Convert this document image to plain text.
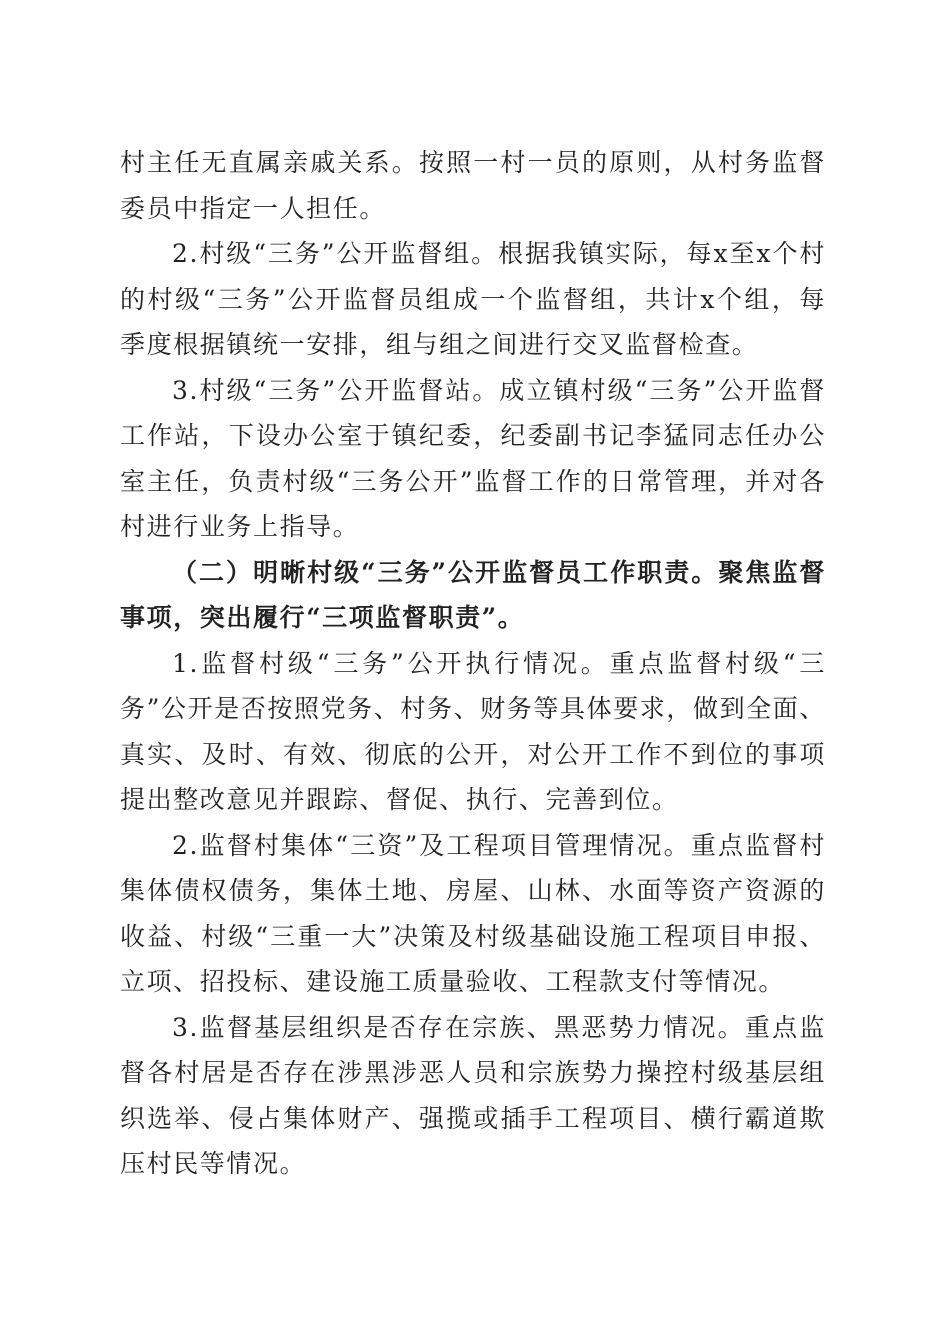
村主任无直属亲戚关系。按照一村一员的原则，从村务监督委员中指定一人担任。

2.村级“三务”公开监督组。根据我镇实际，每x至x个村的村级“三务”公开监督员组成一个监督组，共计x个组，每季度根据镇统一安排，组与组之间进行交叉监督检查。

3.村级“三务”公开监督站。成立镇村级“三务”公开监督工作站，下设办公室于镇纪委，纪委副书记李猛同志任办公室主任，负责村级“三务公开”监督工作的日常管理，并对各村进行业务上指导。

（二）明晰村级“三务”公开监督员工作职责。聚焦监督事项，突出履行“三项监督职责”。

1.监督村级“三务”公开执行情况。重点监督村级“三务”公开是否按照党务、村务、财务等具体要求，做到全面、真实、及时、有效、彻底的公开，对公开工作不到位的事项提出整改意见并跟踪、督促、执行、完善到位。

2.监督村集体“三资”及工程项目管理情况。重点监督村集体债权债务，集体土地、房屋、山林、水面等资产资源的收益、村级“三重一大”决策及村级基础设施工程项目申报、立项、招投标、建设施工质量验收、工程款支付等情况。

3.监督基层组织是否存在宗族、黑恶势力情况。重点监督各村居是否存在涉黑涉恶人员和宗族势力操控村级基层组织选举、侵占集体财产、强揽或插手工程项目、横行霸道欺压村民等情况。
